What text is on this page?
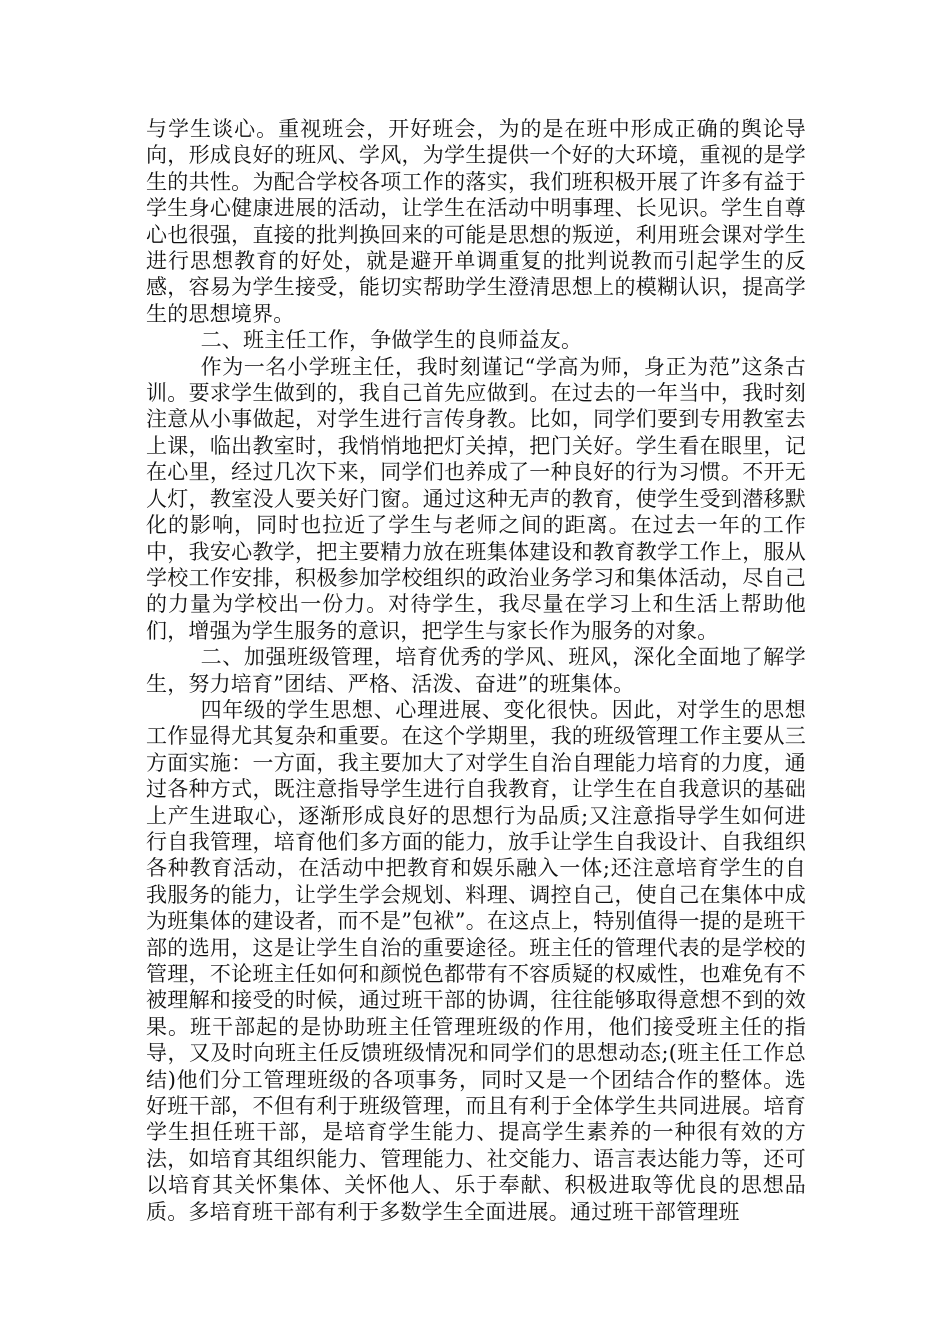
与学生谈心。重视班会，开好班会，为的是在班中形成正确的舆论导向，形成良好的班风、学风，为学生提供一个好的大环境，重视的是学生的共性。为配合学校各项工作的落实，我们班积极开展了许多有益于学生身心健康进展的活动，让学生在活动中明事理、长见识。学生自尊心也很强，直接的批判换回来的可能是思想的叛逆，利用班会课对学生进行思想教育的好处，就是避开单调重复的批判说教而引起学生的反感，容易为学生接受，能切实帮助学生澄清思想上的模糊认识，提高学生的思想境界。

二、班主任工作，争做学生的良师益友。

作为一名小学班主任，我时刻谨记“学高为师，身正为范”这条古训。要求学生做到的，我自己首先应做到。在过去的一年当中，我时刻注意从小事做起，对学生进行言传身教。比如，同学们要到专用教室去上课，临出教室时，我悄悄地把灯关掉，把门关好。学生看在眼里，记在心里，经过几次下来，同学们也养成了一种良好的行为习惯。不开无人灯，教室没人要关好门窗。通过这种无声的教育，使学生受到潜移默化的影响，同时也拉近了学生与老师之间的距离。在过去一年的工作中，我安心教学，把主要精力放在班集体建设和教育教学工作上，服从学校工作安排，积极参加学校组织的政治业务学习和集体活动，尽自己的力量为学校出一份力。对待学生，我尽量在学习上和生活上帮助他们，增强为学生服务的意识，把学生与家长作为服务的对象。

二、加强班级管理，培育优秀的学风、班风，深化全面地了解学生，努力培育”团结、严格、活泼、奋进”的班集体。

四年级的学生思想、心理进展、变化很快。因此，对学生的思想工作显得尤其复杂和重要。在这个学期里，我的班级管理工作主要从三方面实施：一方面，我主要加大了对学生自治自理能力培育的力度，通过各种方式，既注意指导学生进行自我教育，让学生在自我意识的基础上产生进取心，逐渐形成良好的思想行为品质;又注意指导学生如何进行自我管理，培育他们多方面的能力，放手让学生自我设计、自我组织各种教育活动，在活动中把教育和娱乐融入一体;还注意培育学生的自我服务的能力，让学生学会规划、料理、调控自己，使自己在集体中成为班集体的建设者，而不是”包袱”。在这点上，特别值得一提的是班干部的选用，这是让学生自治的重要途径。班主任的管理代表的是学校的管理，不论班主任如何和颜悦色都带有不容质疑的权威性，也难免有不被理解和接受的时候，通过班干部的协调，往往能够取得意想不到的效果。班干部起的是协助班主任管理班级的作用，他们接受班主任的指导，又及时向班主任反馈班级情况和同学们的思想动态;(班主任工作总结)他们分工管理班级的各项事务，同时又是一个团结合作的整体。选好班干部，不但有利于班级管理，而且有利于全体学生共同进展。培育学生担任班干部，是培育学生能力、提高学生素养的一种很有效的方法，如培育其组织能力、管理能力、社交能力、语言表达能力等，还可以培育其关怀集体、关怀他人、乐于奉献、积极进取等优良的思想品质。多培育班干部有利于多数学生全面进展。通过班干部管理班
